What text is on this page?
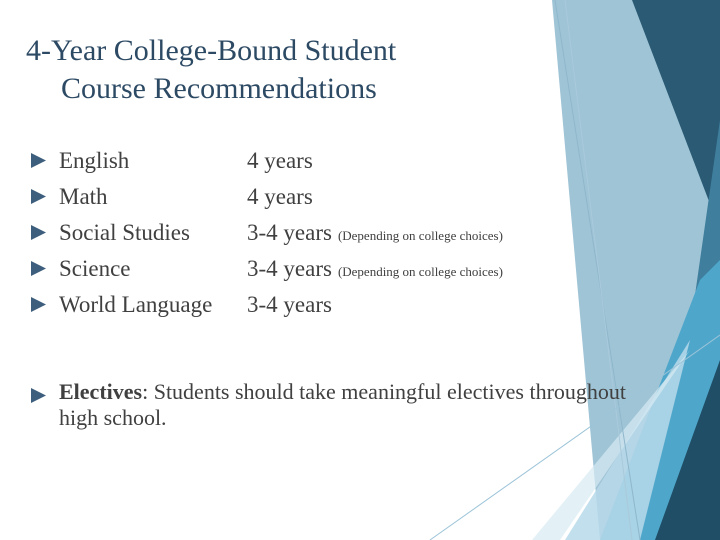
4-Year College-Bound Student
Course Recommendations
English	4 years
Math	4 years
Social Studies 3-4 years (Depending on college choices)
Science	3-4 years (Depending on college choices)
World Language 3-4 years
Electives: Students should take meaningful electives throughout high school.
